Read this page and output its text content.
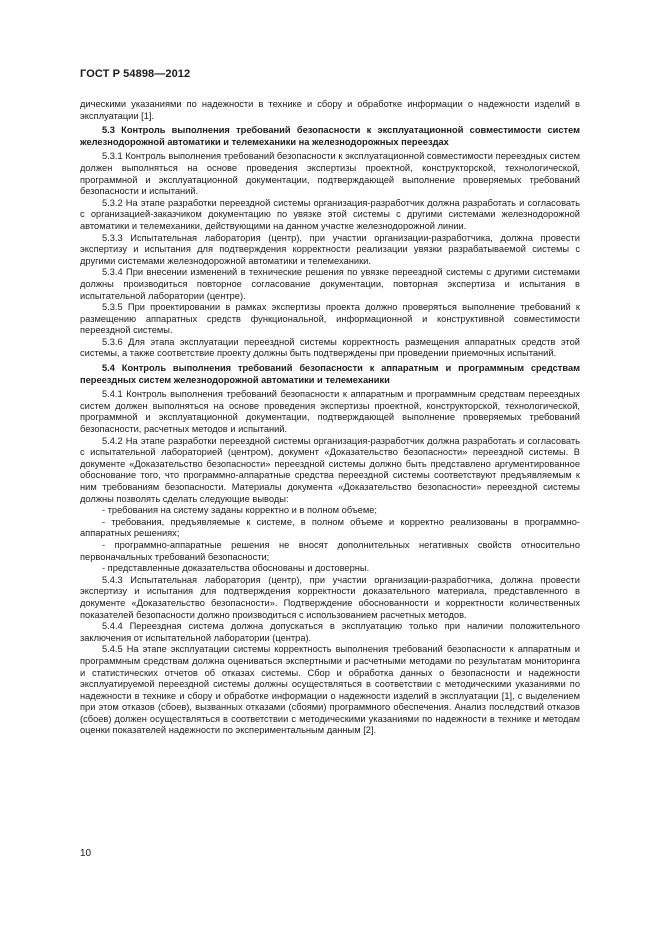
ГОСТ Р 54898—2012

дическими указаниями по надежности в технике и сбору и обработке информации о надежности изделий в эксплуатации [1].

5.3 Контроль выполнения требований безопасности к эксплуатационной совместимости систем железнодорожной автоматики и телемеханики на железнодорожных переездах

5.3.1 Контроль выполнения требований безопасности к эксплуатационной совместимости переездных систем должен выполняться на основе проведения экспертизы проектной, конструкторской, технологической, программной и эксплуатационной документации, подтверждающей выполнение проверяемых требований безопасности и испытаний.

5.3.2 На этапе разработки переездной системы организация-разработчик должна разработать и согласовать с организацией-заказчиком документацию по увязке этой системы с другими системами железнодорожной автоматики и телемеханики, действующими на данном участке железнодорожной линии.

5.3.3 Испытательная лаборатория (центр), при участии организации-разработчика, должна провести экспертизу и испытания для подтверждения корректности реализации увязки разрабатываемой системы с другими системами железнодорожной автоматики и телемеханики.

5.3.4 При внесении изменений в технические решения по увязке переездной системы с другими системами должны производиться повторное согласование документации, повторная экспертиза и испытания в испытательной лаборатории (центре).

5.3.5 При проектировании в рамках экспертизы проекта должно проверяться выполнение требований к размещению аппаратных средств функциональной, информационной и конструктивной совместимости переездной системы.

5.3.6 Для этапа эксплуатации переездной системы корректность размещения аппаратных средств этой системы, а также соответствие проекту должны быть подтверждены при проведении приемочных испытаний.

5.4 Контроль выполнения требований безопасности к аппаратным и программным средствам переездных систем железнодорожной автоматики и телемеханики

5.4.1 Контроль выполнения требований безопасности к аппаратным и программным средствам переездных систем должен выполняться на основе проведения экспертизы проектной, конструкторской, технологической, программной и эксплуатационной документации, подтверждающей выполнение проверяемых требований безопасности, расчетных методов и испытаний.

5.4.2 На этапе разработки переездной системы организация-разработчик должна разработать и согласовать с испытательной лабораторией (центром), документ «Доказательство безопасности» переездной системы. В документе «Доказательство безопасности» переездной системы должно быть представлено аргументированное обоснование того, что программно-аппаратные средства переездной системы соответствуют предъявляемым к ним требованиям безопасности. Материалы документа «Доказательство безопасности» переездной системы должны позволять сделать следующие выводы:

- требования на систему заданы корректно и в полном объеме;

- требования, предъявляемые к системе, в полном объеме и корректно реализованы в программно-аппаратных решениях;

- программно-аппаратные решения не вносят дополнительных негативных свойств относительно первоначальных требований безопасности;

- представленные доказательства обоснованы и достоверны.

5.4.3 Испытательная лаборатория (центр), при участии организации-разработчика, должна провести экспертизу и испытания для подтверждения корректности доказательного материала, представленного в документе «Доказательство безопасности». Подтверждение обоснованности и корректности количественных показателей безопасности должно производиться с использованием расчетных методов.

5.4.4 Переездная система должна допускаться в эксплуатацию только при наличии положительного заключения от испытательной лаборатории (центра).

5.4.5 На этапе эксплуатации системы корректность выполнения требований безопасности к аппаратным и программным средствам должна оцениваться экспертными и расчетными методами по результатам мониторинга и статистических отчетов об отказах системы. Сбор и обработка данных о безопасности и надежности эксплуатируемой переездной системы должны осуществляться в соответствии с методическими указаниями по надежности в технике и сбору и обработке информации о надежности изделий в эксплуатации [1], с выделением при этом отказов (сбоев), вызванных отказами (сбоями) программного обеспечения. Анализ последствий отказов (сбоев) должен осуществляться в соответствии с методическими указаниями по надежности в технике и методам оценки показателей надежности по экспериментальным данным [2].

10
